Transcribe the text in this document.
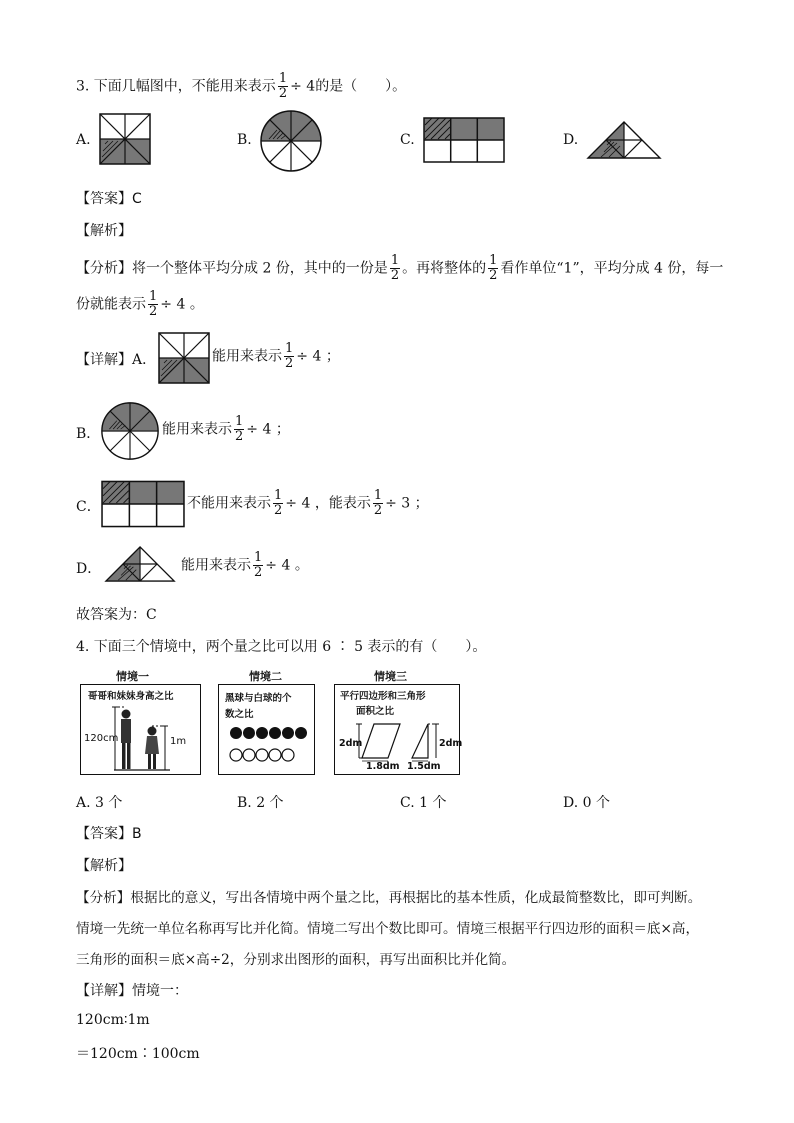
3. 下面几幅图中，不能用来表示 $\frac{1}{2} \div 4$的是（　　）。
A.	B.	C.	D.
【答案】C
【解析】
【分析】将一个整体平均分成 2 份，其中的一份是 $\frac{1}{2}$ 。再将整体的 $\frac{1}{2}$ 看作单位“1”，平均分成 4 份，每一
份就能表示 $\frac{1}{2} \div 4$ 。
【详解】A．	能用来表示 $\frac{1}{2} \div 4$ ；
B．	能用来表示 $\frac{1}{2} \div 4$ ；
C．	不能用来表示 $\frac{1}{2} \div 4$ ，能表示 $\frac{1}{2} \div 3$ ；
D．	能用来表示 $\frac{1}{2} \div 4$ 。
故答案为：C
4. 下面三个情境中，两个量之比可以用 6 ∶ 5 表示的有（　　）。
情境一	情境二	情境三
哥哥和妹妹身高之比
120cm	1m
黑球与白球的个
数之比
平行四边形和三角形
面积之比
2dm	2dm
1.8dm 1.5dm
A. 3 个	B. 2 个	C. 1 个	D. 0 个
【答案】B
【解析】
【分析】根据比的意义，写出各情境中两个量之比，再根据比的基本性质，化成最简整数比，即可判断。
情境一先统一单位名称再写比并化简。情境二写出个数比即可。情境三根据平行四边形的面积＝底×高，
三角形的面积＝底×高÷2，分别求出图形的面积，再写出面积比并化简。
【详解】情境一：
120cm∶1m
＝120cm∶100cm
